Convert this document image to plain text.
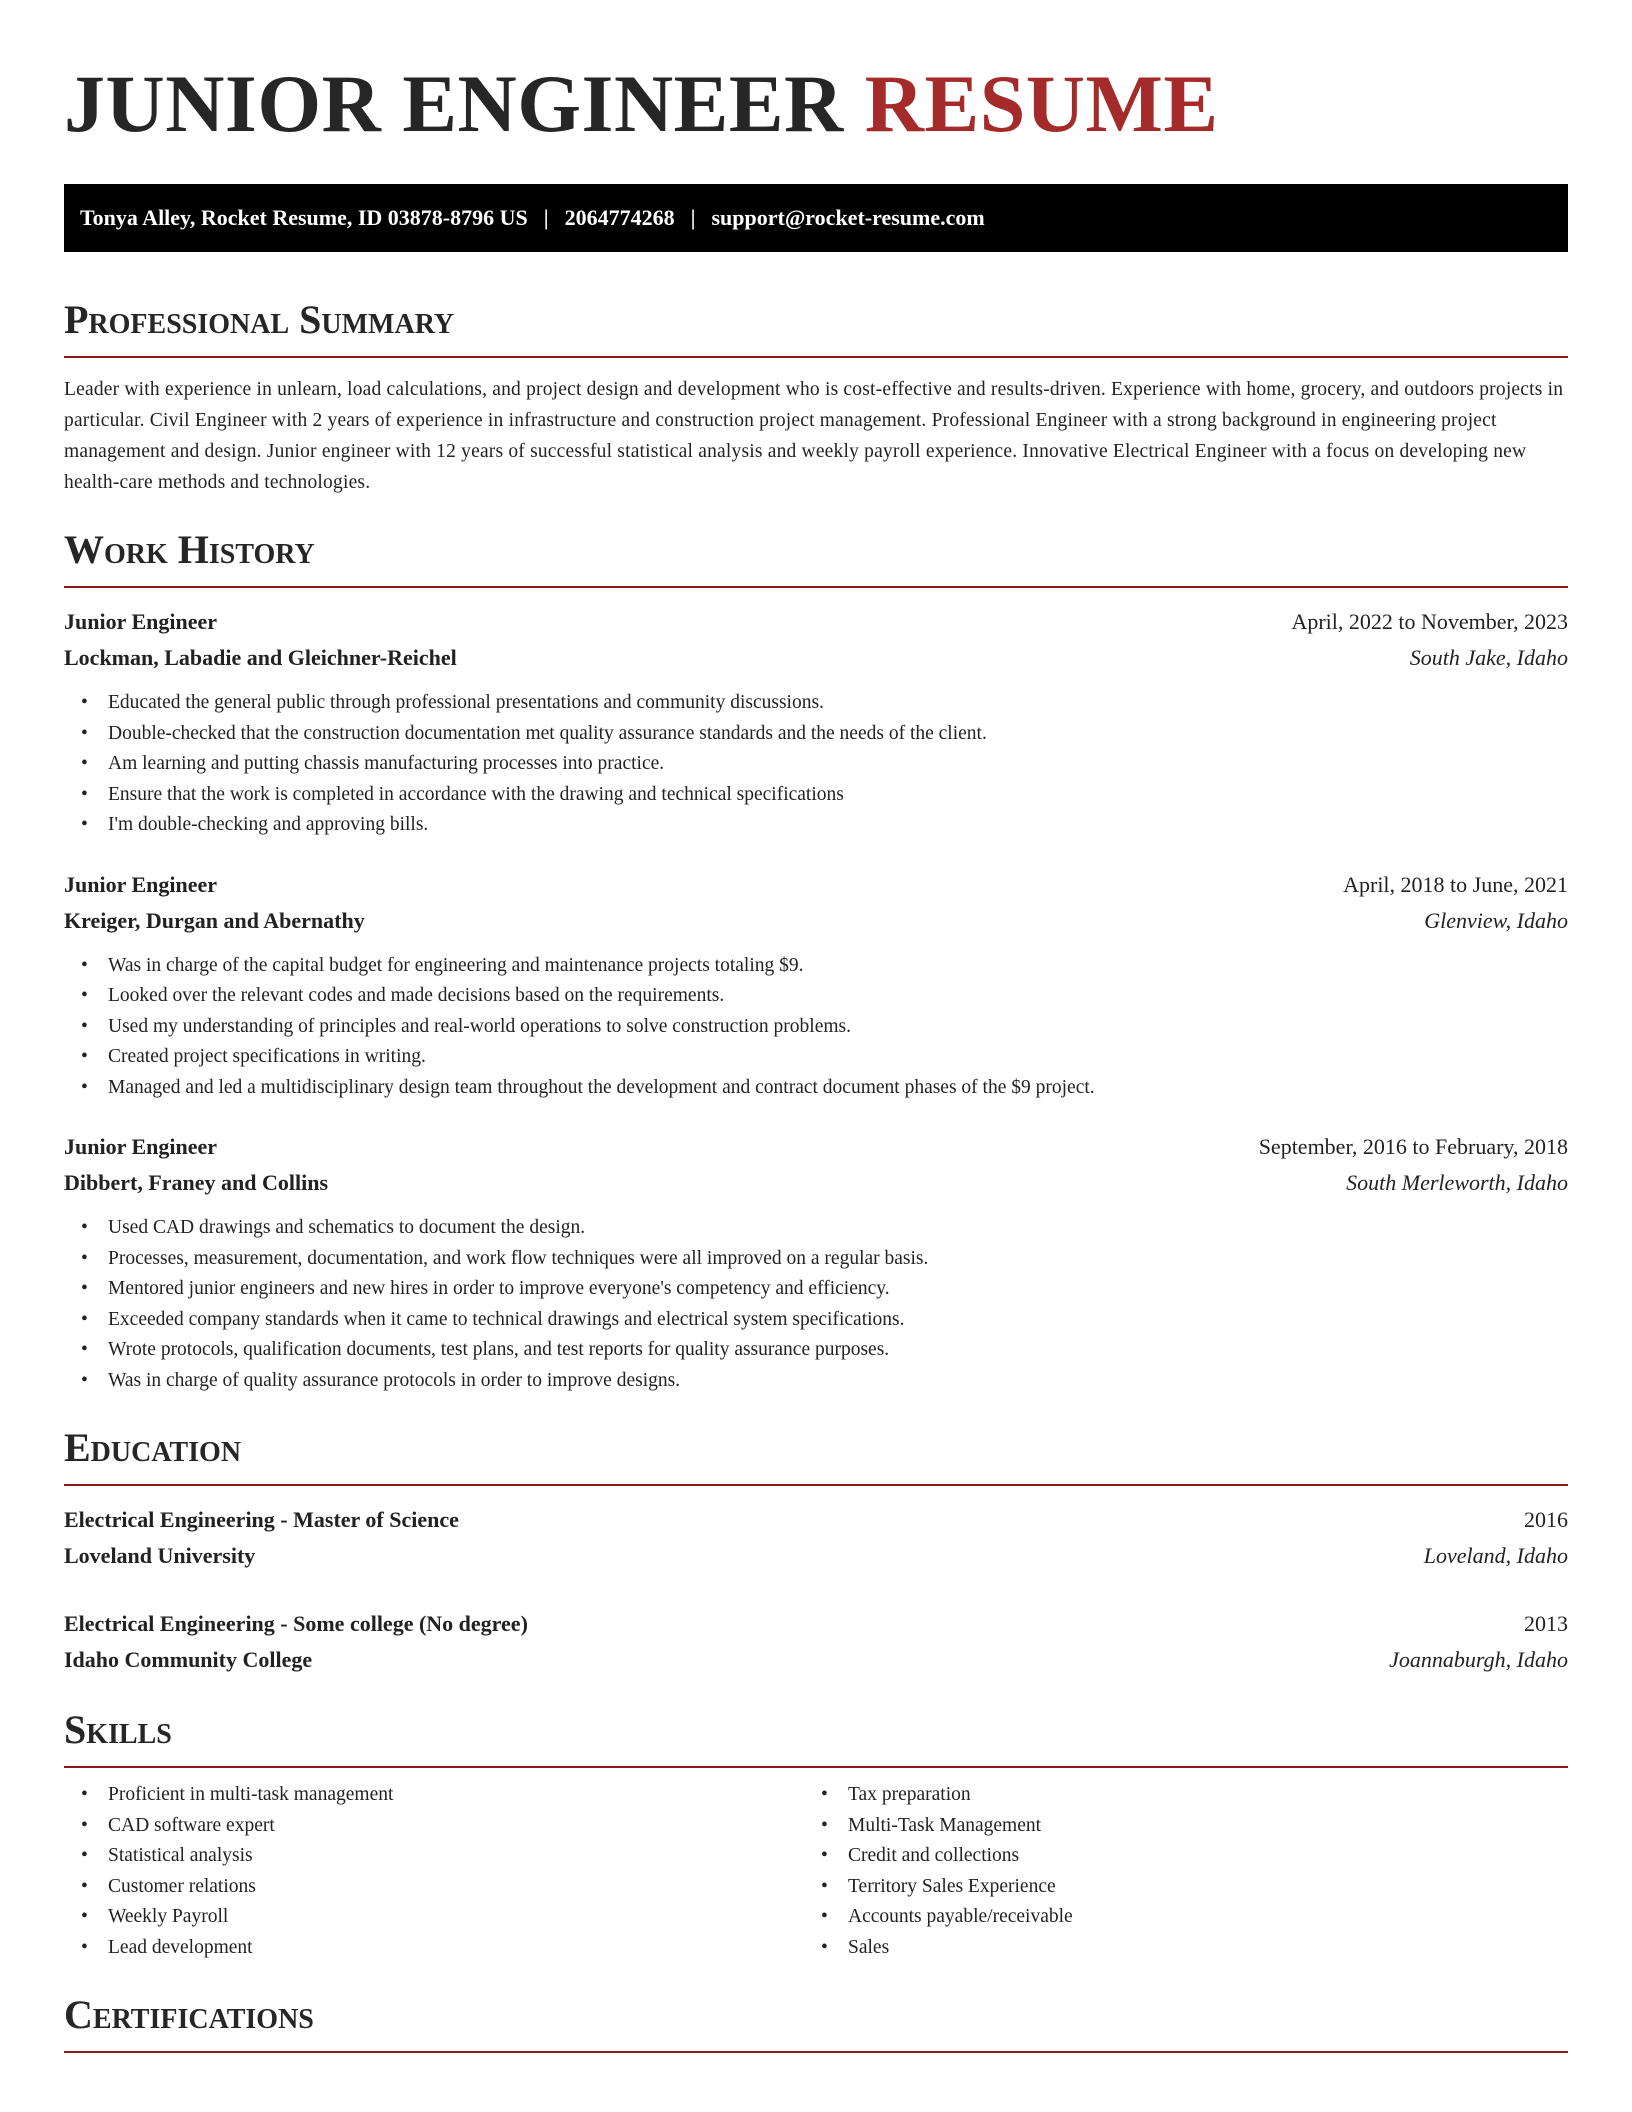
JUNIOR ENGINEER RESUME
Tonya Alley, Rocket Resume, ID 03878-8796 US | 2064774268 | support@rocket-resume.com
Professional Summary

Leader with experience in unlearn, load calculations, and project design and development who is cost-effective and results-driven. Experience with home, grocery, and outdoors projects in particular. Civil Engineer with 2 years of experience in infrastructure and construction project management. Professional Engineer with a strong background in engineering project management and design. Junior engineer with 12 years of successful statistical analysis and weekly payroll experience. Innovative Electrical Engineer with a focus on developing new health-care methods and technologies.

Work History
Junior Engineer	April, 2022 to November, 2023
Lockman, Labadie and Gleichner-Reichel	South Jake, Idaho
• Educated the general public through professional presentations and community discussions.
• Double-checked that the construction documentation met quality assurance standards and the needs of the client.
• Am learning and putting chassis manufacturing processes into practice.
• Ensure that the work is completed in accordance with the drawing and technical specifications
• I'm double-checking and approving bills.
Junior Engineer	April, 2018 to June, 2021
Kreiger, Durgan and Abernathy	Glenview, Idaho
• Was in charge of the capital budget for engineering and maintenance projects totaling $9.
• Looked over the relevant codes and made decisions based on the requirements.
• Used my understanding of principles and real-world operations to solve construction problems.
• Created project specifications in writing.
• Managed and led a multidisciplinary design team throughout the development and contract document phases of the $9 project.
Junior Engineer	September, 2016 to February, 2018
Dibbert, Franey and Collins	South Merleworth, Idaho
• Used CAD drawings and schematics to document the design.
• Processes, measurement, documentation, and work flow techniques were all improved on a regular basis.
• Mentored junior engineers and new hires in order to improve everyone's competency and efficiency.
• Exceeded company standards when it came to technical drawings and electrical system specifications.
• Wrote protocols, qualification documents, test plans, and test reports for quality assurance purposes.
• Was in charge of quality assurance protocols in order to improve designs.
Education
Electrical Engineering - Master of Science	2016
Loveland University	Loveland, Idaho
Electrical Engineering - Some college (No degree)	2013
Idaho Community College	Joannaburgh, Idaho
Skills
• Proficient in multi-task management
• CAD software expert
• Statistical analysis
• Customer relations
• Weekly Payroll
• Lead development
• Tax preparation
• Multi-Task Management
• Credit and collections
• Territory Sales Experience
• Accounts payable/receivable
• Sales
Certifications
